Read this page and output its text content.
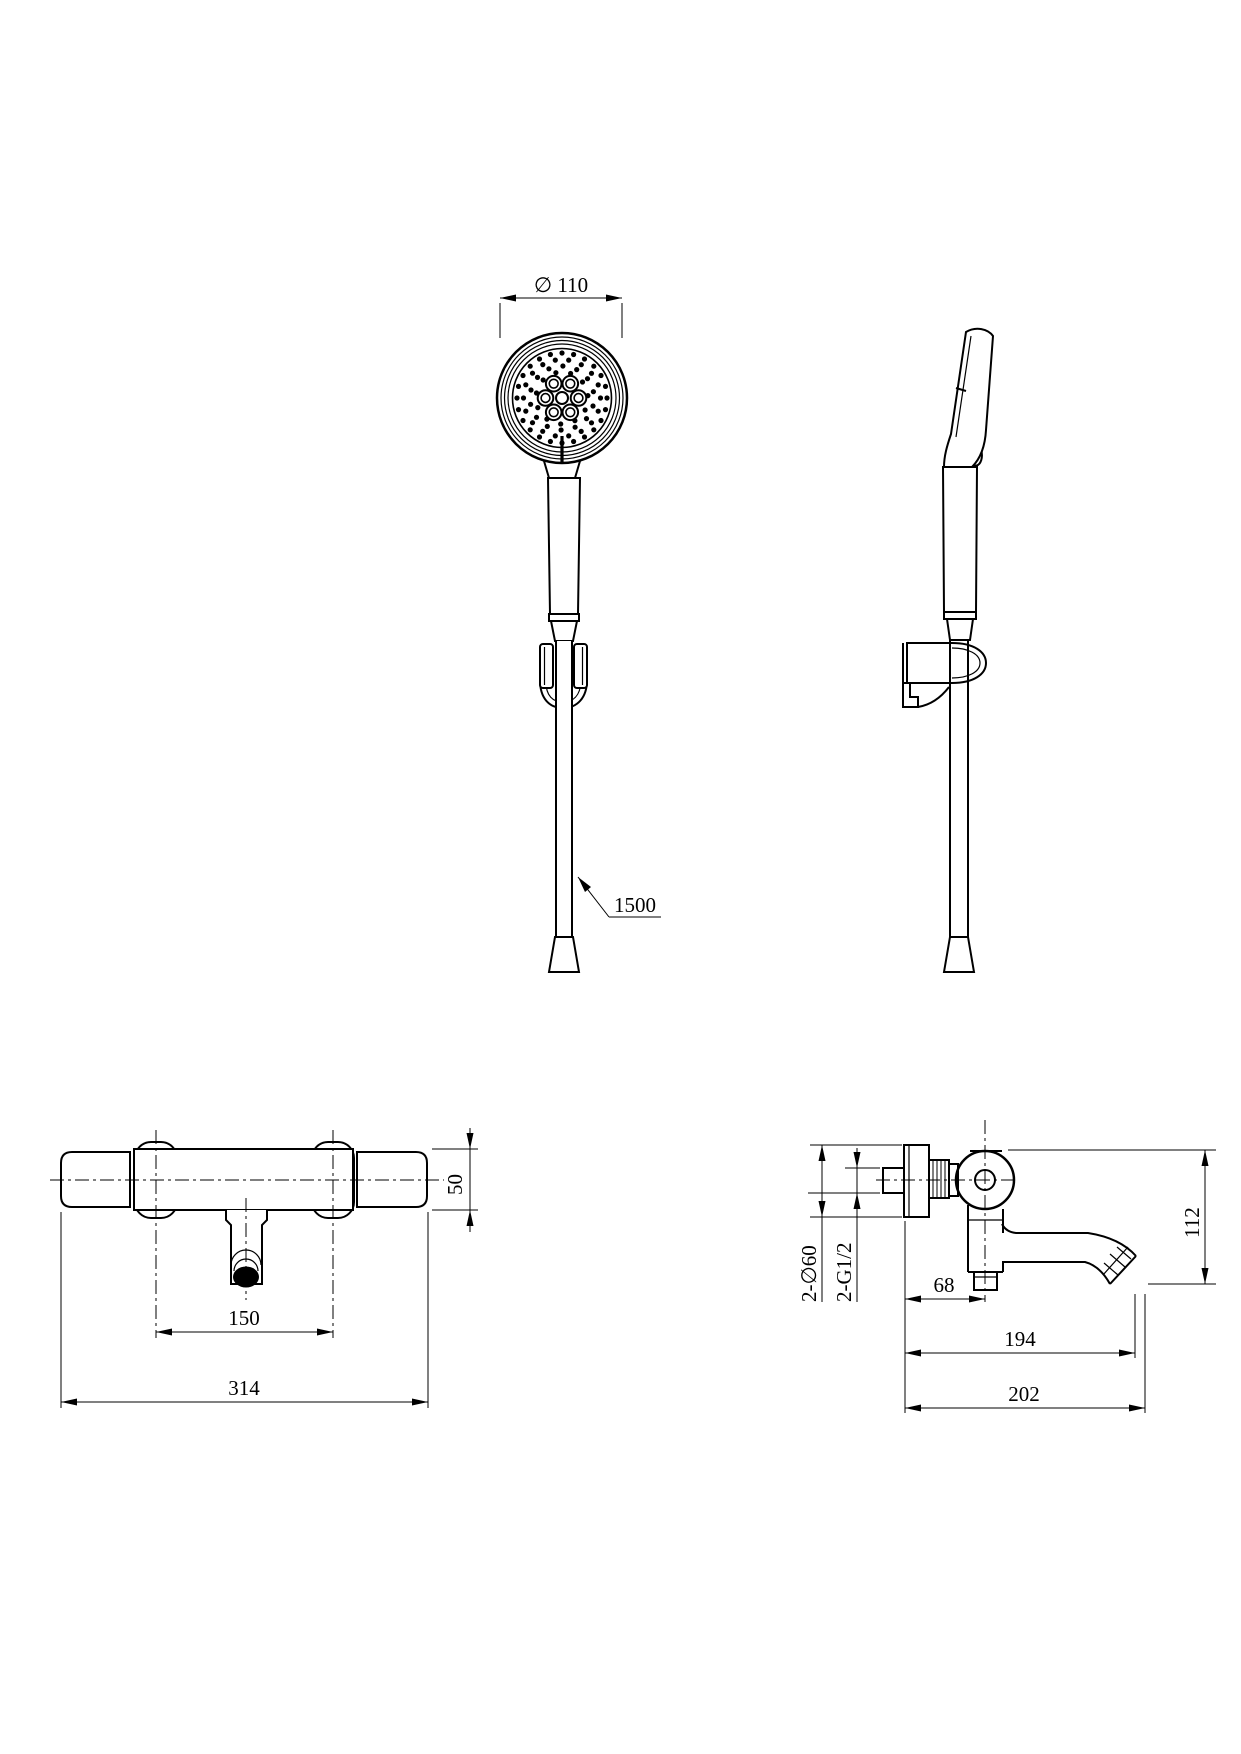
∅ 110
1500
50
150
314
2-∅60 2-G1/2	68
194
202
112
